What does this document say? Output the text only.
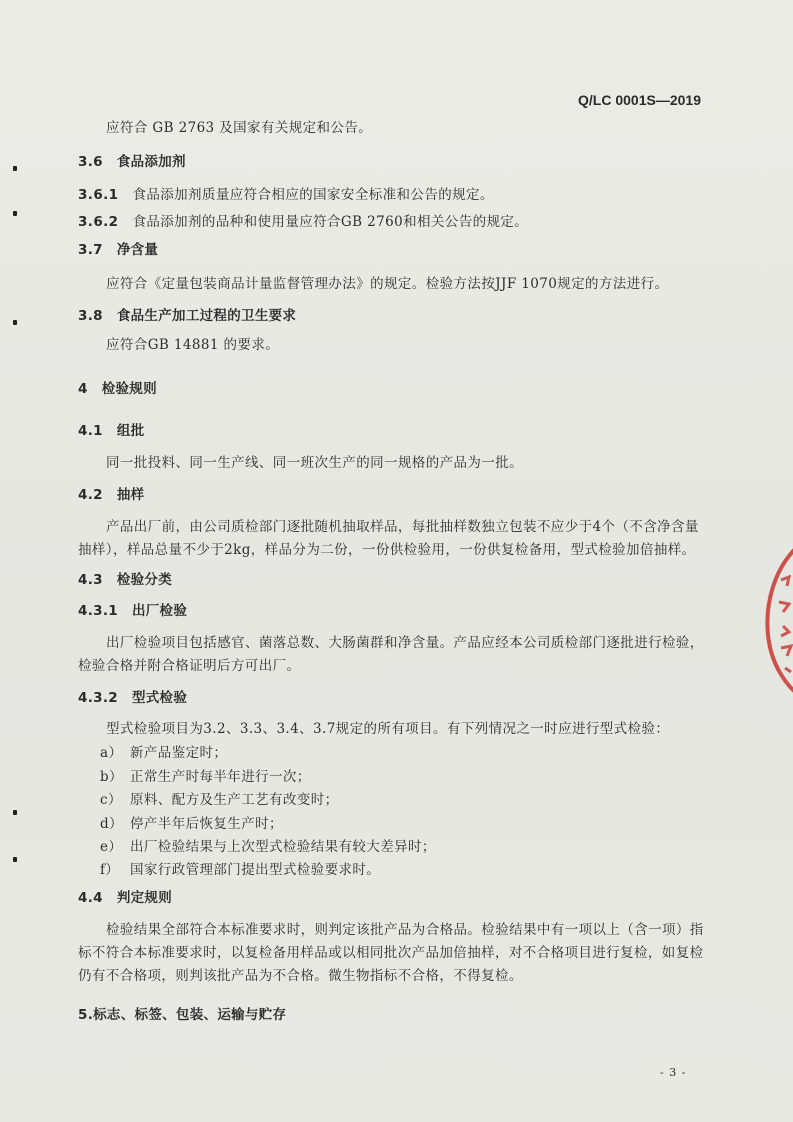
Q/LC 0001S—2019
应符合 GB 2763 及国家有关规定和公告。
3.6 食品添加剂
3.6.1 食品添加剂质量应符合相应的国家安全标准和公告的规定。
3.6.2 食品添加剂的品种和使用量应符合GB 2760和相关公告的规定。
3.7 净含量
应符合《定量包装商品计量监督管理办法》的规定。检验方法按JJF 1070规定的方法进行。
3.8 食品生产加工过程的卫生要求
应符合GB 14881 的要求。
4 检验规则
4.1 组批
同一批投料、同一生产线、同一班次生产的同一规格的产品为一批。
4.2 抽样
产品出厂前，由公司质检部门逐批随机抽取样品，每批抽样数独立包装不应少于4个（不含净含量
抽样），样品总量不少于2kg，样品分为二份，一份供检验用，一份供复检备用，型式检验加倍抽样。
4.3 检验分类
4.3.1 出厂检验
出厂检验项目包括感官、菌落总数、大肠菌群和净含量。产品应经本公司质检部门逐批进行检验，
检验合格并附合格证明后方可出厂。
4.3.2 型式检验
型式检验项目为3.2、3.3、3.4、3.7规定的所有项目。有下列情况之一时应进行型式检验：
a） 新产品鉴定时；
b） 正常生产时每半年进行一次；
c） 原料、配方及生产工艺有改变时；
d） 停产半年后恢复生产时；
e） 出厂检验结果与上次型式检验结果有较大差异时；
f） 国家行政管理部门提出型式检验要求时。
4.4 判定规则
检验结果全部符合本标准要求时，则判定该批产品为合格品。检验结果中有一项以上（含一项）指
标不符合本标准要求时，以复检备用样品或以相同批次产品加倍抽样，对不合格项目进行复检，如复检
仍有不合格项，则判该批产品为不合格。微生物指标不合格，不得复检。
5.标志、标签、包装、运输与贮存
- 3 -
